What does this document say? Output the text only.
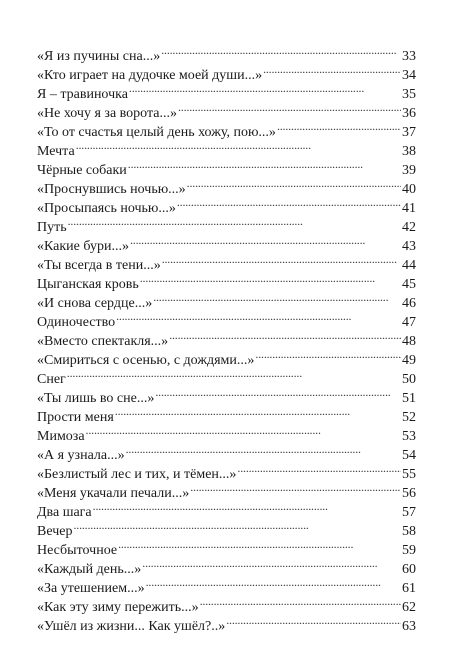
«Я из пучины сна...» . . .	33
«Кто играет на дудочке моей души...» . . .	34
Я – травиночка . . .	35
«Не хочу я за ворота...» . . .	36
«То от счастья целый день хожу, пою...» . . .	37
Мечта . . .	38
Чёрные собаки . . .	39
«Проснувшись ночью...» . . .	40
«Просыпаясь ночью...» . . .	41
Путь . . .	42
«Какие бури...» . . .	43
«Ты всегда в тени...» . . .	44
Цыганская кровь . . .	45
«И снова сердце...» . . .	46
Одиночество . . .	47
«Вместо спектакля...» . . .	48
«Смириться с осенью, с дождями...» . . .	49
Снег . . .	50
«Ты лишь во сне...» . . .	51
Прости меня . . .	52
Мимоза . . .	53
«А я узнала...» . . .	54
«Безлистый лес и тих, и тёмен...» . . .	55
«Меня укачали печали...» . . .	56
Два шага . . .	57
Вечер . . .	58
Несбыточное . . .	59
«Каждый день...» . . .	60
«За утешением...» . . .	61
«Как эту зиму пережить...» . . .	62
«Ушёл из жизни... Как ушёл?..» . . .	63
